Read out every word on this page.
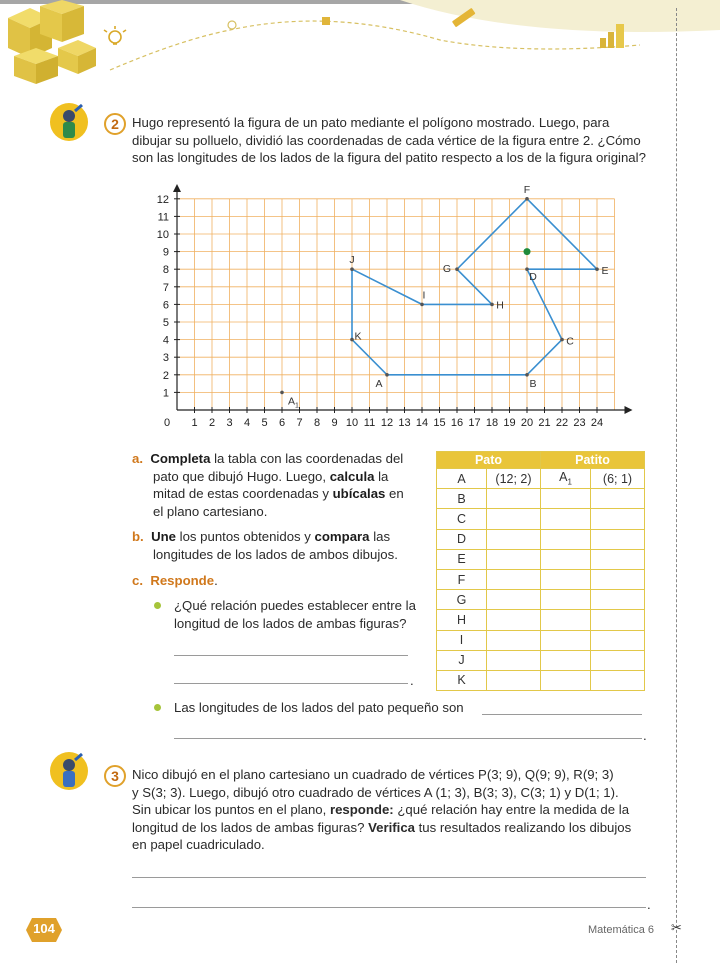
2 Hugo representó la figura de un pato mediante el polígono mostrado. Luego, para dibujar su polluelo, dividió las coordenadas de cada vértice de la figura entre 2. ¿Cómo son las longitudes de los lados de la figura del patito respecto a los de la figura original?
0 1 2 3 4 5 6 7 8 9 10 11 12 13 14 15 16 17 18 19 20 21 22 23 24
1
2
3
4
5
6
7
8
9
10
11
12
A	B
C
D	E
F
G
H
I
J
K
A 1
a. Completa la tabla con las coordenadas del
pato que dibujó Hugo. Luego, calcula la
mitad de estas coordenadas y ubícalas en
el plano cartesiano.
b. Une los puntos obtenidos y compara las
longitudes de los lados de ambos dibujos.
c. Responde.
¿Qué relación puedes establecer entre la
longitud de los lados de ambas figuras?
.
Las longitudes de los lados del pato pequeño son
.
Pato		Patito	
A	(12; 2)	$A_1$	(6; 1)
B			
C			
D			
E			
F			
G			
H			
I			
J			
K			
3 Nico dibujó en el plano cartesiano un cuadrado de vértices P(3; 9), Q(9; 9), R(9; 3)
y S(3; 3). Luego, dibujó otro cuadrado de vértices A (1; 3), B(3; 3), C(3; 1) y D(1; 1).
Sin ubicar los puntos en el plano, responde: ¿qué relación hay entre la medida de la
longitud de los lados de ambas figuras? Verifica tus resultados realizando los dibujos
en papel cuadriculado.
.
104	Matemática 6 ✂
